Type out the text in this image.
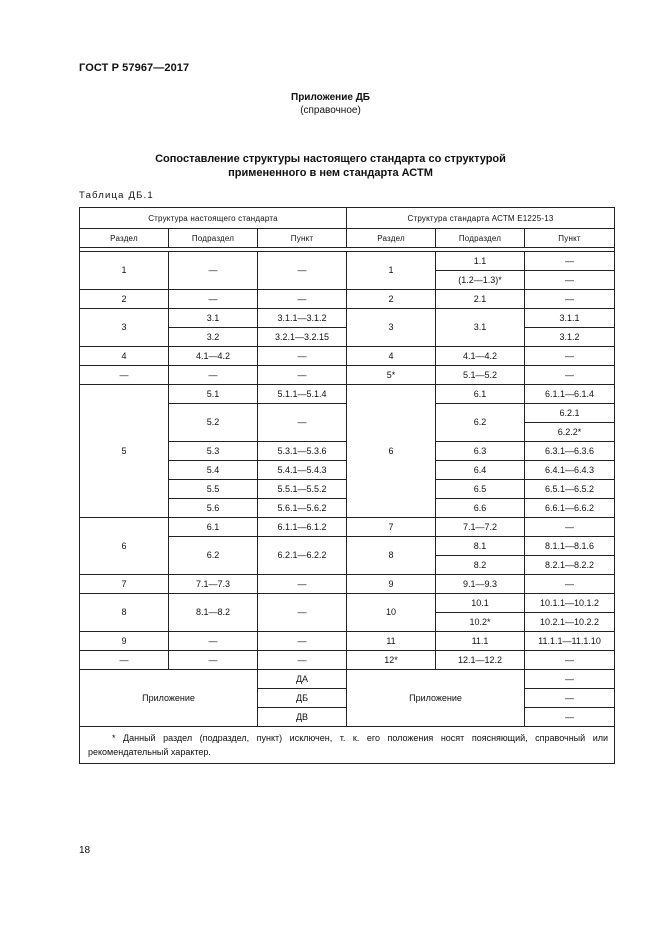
ГОСТ Р 57967—2017
Приложение ДБ
(справочное)
Сопоставление структуры настоящего стандарта со структурой
примененного в нем стандарта АСТМ
Таблица ДБ.1
Структура настоящего стандарта			Структура стандарта АСТМ Е1225-13		
Раздел	Подраздел	Пункт	Раздел	Подраздел	Пункт

1	—	—	1	1.1	—
				(1.2—1.3)*	—
2	—	—	2	2.1	—
3	3.1	3.1.1—3.1.2	3	3.1	3.1.1
	3.2	3.2.1—3.2.15			3.1.2
4	4.1—4.2	—	4	4.1—4.2	—
—	—	—	5*	5.1—5.2	—
5	5.1	5.1.1—5.1.4	6	6.1	6.1.1—6.1.4
	5.2	—		6.2	6.2.1
					6.2.2*
	5.3	5.3.1—5.3.6		6.3	6.3.1—6.3.6
	5.4	5.4.1—5.4.3		6.4	6.4.1—6.4.3
	5.5	5.5.1—5.5.2		6.5	6.5.1—6.5.2
	5.6	5.6.1—5.6.2		6.6	6.6.1—6.6.2
6	6.1	6.1.1—6.1.2	7	7.1—7.2	—
	6.2	6.2.1—6.2.2	8	8.1	8.1.1—8.1.6
				8.2	8.2.1—8.2.2
7	7.1—7.3	—	9	9.1—9.3	—
8	8.1—8.2	—	10	10.1	10.1.1—10.1.2
				10.2*	10.2.1—10.2.2
9	—	—	11	11.1	11.1.1—11.1.10
—	—	—	12*	12.1—12.2	—
Приложение		ДА	Приложение		—
		ДБ			—
		ДВ			—
* Данный раздел (подраздел, пункт) исключен, т. к. его положения носят поясняющий, справочный или рекомендательный характер.					
18
